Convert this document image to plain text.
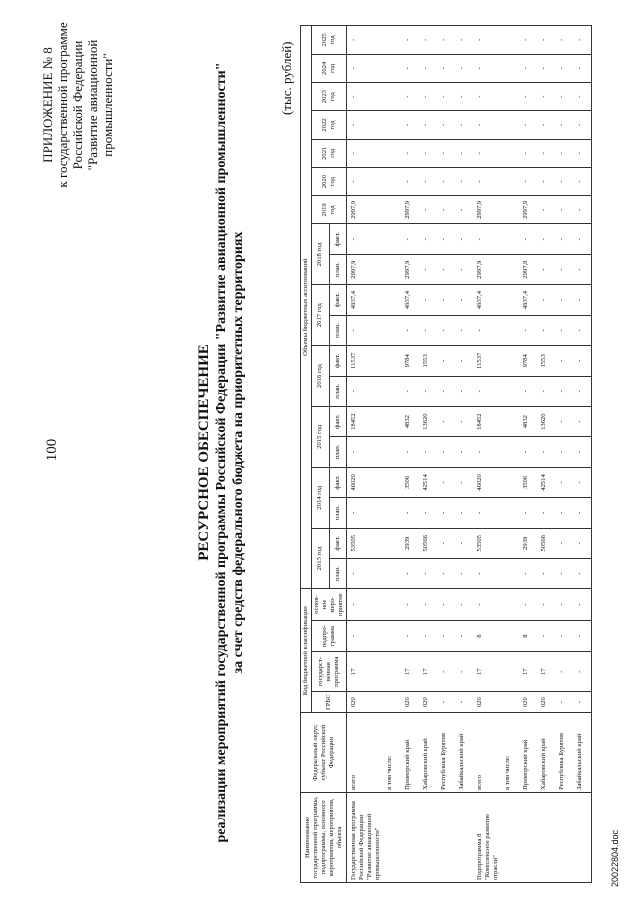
100
ПРИЛОЖЕНИЕ № 8 к государственной программе Российской Федерации "Развитие авиационной промышленности"
РЕСУРСНОЕ ОБЕСПЕЧЕНИЕ реализации мероприятий государственной программы Российской Федерации "Развитие авиационной промышленности" за счет средств федерального бюджета на приоритетных территориях
(тыс. рублей)
Наименование государственной программы, подпрограммы, основного мероприятия, мероприятия, объекта	Федеральный округ, субъект Российской Федерации	Код бюджетной классификации				Объемы бюджетных ассигнований																		
		ГРБС	государст-венная программа	подпро-грамма	основ-ное меро-приятие	2013 год		2014 год		2015 год		2016 год		2017 год		2018 год		2019 год	2020 год	2021 год	2022 год	2023 год	2024 год	2025 год
						план.	факт.	план.	факт.	план.	факт.	план.	факт.	план.	факт.	план.	факт.							
Государственная программа Российской Федерации "Развитие авиационной промышленности"	всего	020	17	-	-	-	53505	-	46020	-	18452	-	11537	-	4937,4	2997,9	-	2997,9	-	-	-	-	-	-
	в том числе:																							
	Приморский край	020	17	-	-	-	2939	-	3506	-	4832	-	9784	-	4937,4	2997,9	-	2997,9	-	-	-	-	-	-
	Хабаровский край	020	17	-	-	-	50566	-	42514	-	13620	-	1553	-	-	-	-	-	-	-	-	-	-	-
	Республика Бурятия	-	-	-	-	-	-	-	-	-	-	-	-	-	-	-	-	-	-	-	-	-	-	-
	Забайкальский край	-	-	-	-	-	-	-	-	-	-	-	-	-	-	-	-	-	-	-	-	-	-	-
Подпрограмма 8 "Комплексное развитие отрасли"	всего	020	17	8	-	-	53505	-	46020	-	18452	-	11537	-	4937,4	2997,9	-	2997,9	-	-	-	-	-	-
	в том числе:																							
	Приморский край	020	17	8	-	-	2939	-	3506	-	4832	-	9784	-	4937,4	2997,9	-	2997,9	-	-	-	-	-	-
	Хабаровский край	020	17	-	-	-	50566	-	42514	-	13620	-	1553	-	-	-	-	-	-	-	-	-	-	-
	Республика Бурятия	-	-	-	-	-	-	-	-	-	-	-	-	-	-	-	-	-	-	-	-	-	-	-
	Забайкальский край	-	-	-	-	-	-	-	-	-	-	-	-	-	-	-	-	-	-	-	-	-	-	-
20022804.doc
